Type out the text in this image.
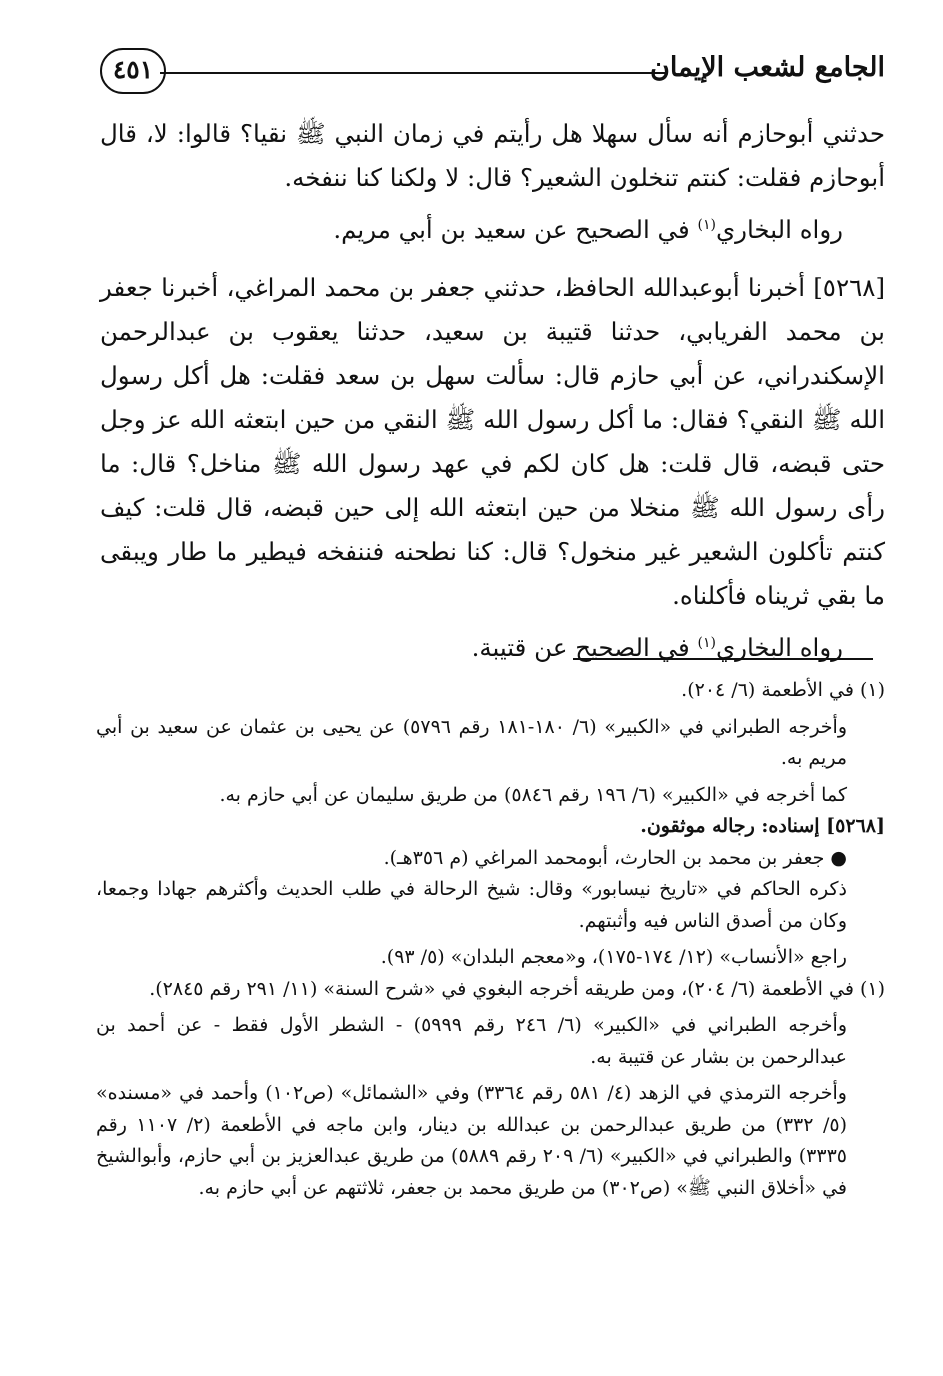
الجامع لشعب الإيمان
٤٥١

حدثني أبوحازم أنه سأل سهلا هل رأيتم في زمان النبي ﷺ نقيا؟ قالوا: لا، قال أبوحازم فقلت: كنتم تنخلون الشعير؟ قال: لا ولكنا كنا ننفخه.

رواه البخاري$^{(١)}$ في الصحيح عن سعيد بن أبي مريم.

[٥٢٦٨] أخبرنا أبوعبدالله الحافظ، حدثني جعفر بن محمد المراغي، أخبرنا جعفر بن محمد الفريابي، حدثنا قتيبة بن سعيد، حدثنا يعقوب بن عبدالرحمن الإسكندراني، عن أبي حازم قال: سألت سهل بن سعد فقلت: هل أكل رسول الله ﷺ النقي؟ فقال: ما أكل رسول الله ﷺ النقي من حين ابتعثه الله عز وجل حتى قبضه، قال قلت: هل كان لكم في عهد رسول الله ﷺ مناخل؟ قال: ما رأى رسول الله ﷺ منخلا من حين ابتعثه الله إلى حين قبضه، قال قلت: كيف كنتم تأكلون الشعير غير منخول؟ قال: كنا نطحنه فننفخه فيطير ما طار ويبقى ما بقي ثريناه فأكلناه.

رواه البخاري$^{(١)}$ في الصحيح عن قتيبة.

(١) في الأطعمة (٦/ ٢٠٤).

وأخرجه الطبراني في «الكبير» (٦/ ١٨٠-١٨١ رقم ٥٧٩٦) عن يحيى بن عثمان عن سعيد بن أبي مريم به.

كما أخرجه في «الكبير» (٦/ ١٩٦ رقم ٥٨٤٦) من طريق سليمان عن أبي حازم به.

[٥٢٦٨] إسناده: رجاله موثقون.

● جعفر بن محمد بن الحارث، أبومحمد المراغي (م ٣٥٦هـ).

ذكره الحاكم في «تاريخ نيسابور» وقال: شيخ الرحالة في طلب الحديث وأكثرهم جهادا وجمعا، وكان من أصدق الناس فيه وأثبتهم.

راجع «الأنساب» (١٢/ ١٧٤-١٧٥)، و«معجم البلدان» (٥/ ٩٣).

(١) في الأطعمة (٦/ ٢٠٤)، ومن طريقه أخرجه البغوي في «شرح السنة» (١١/ ٢٩١ رقم ٢٨٤٥).

وأخرجه الطبراني في «الكبير» (٦/ ٢٤٦ رقم ٥٩٩٩) - الشطر الأول فقط - عن أحمد بن عبدالرحمن بن بشار عن قتيبة به.

وأخرجه الترمذي في الزهد (٤/ ٥٨١ رقم ٣٣٦٤) وفي «الشمائل» (ص١٠٢) وأحمد في «مسنده» (٥/ ٣٣٢) من طريق عبدالرحمن بن عبدالله بن دينار، وابن ماجه في الأطعمة (٢/ ١١٠٧ رقم ٣٣٣٥) والطبراني في «الكبير» (٦/ ٢٠٩ رقم ٥٨٨٩) من طريق عبدالعزيز بن أبي حازم، وأبوالشيخ في «أخلاق النبي ﷺ» (ص٣٠٢) من طريق محمد بن جعفر، ثلاثتهم عن أبي حازم به.
